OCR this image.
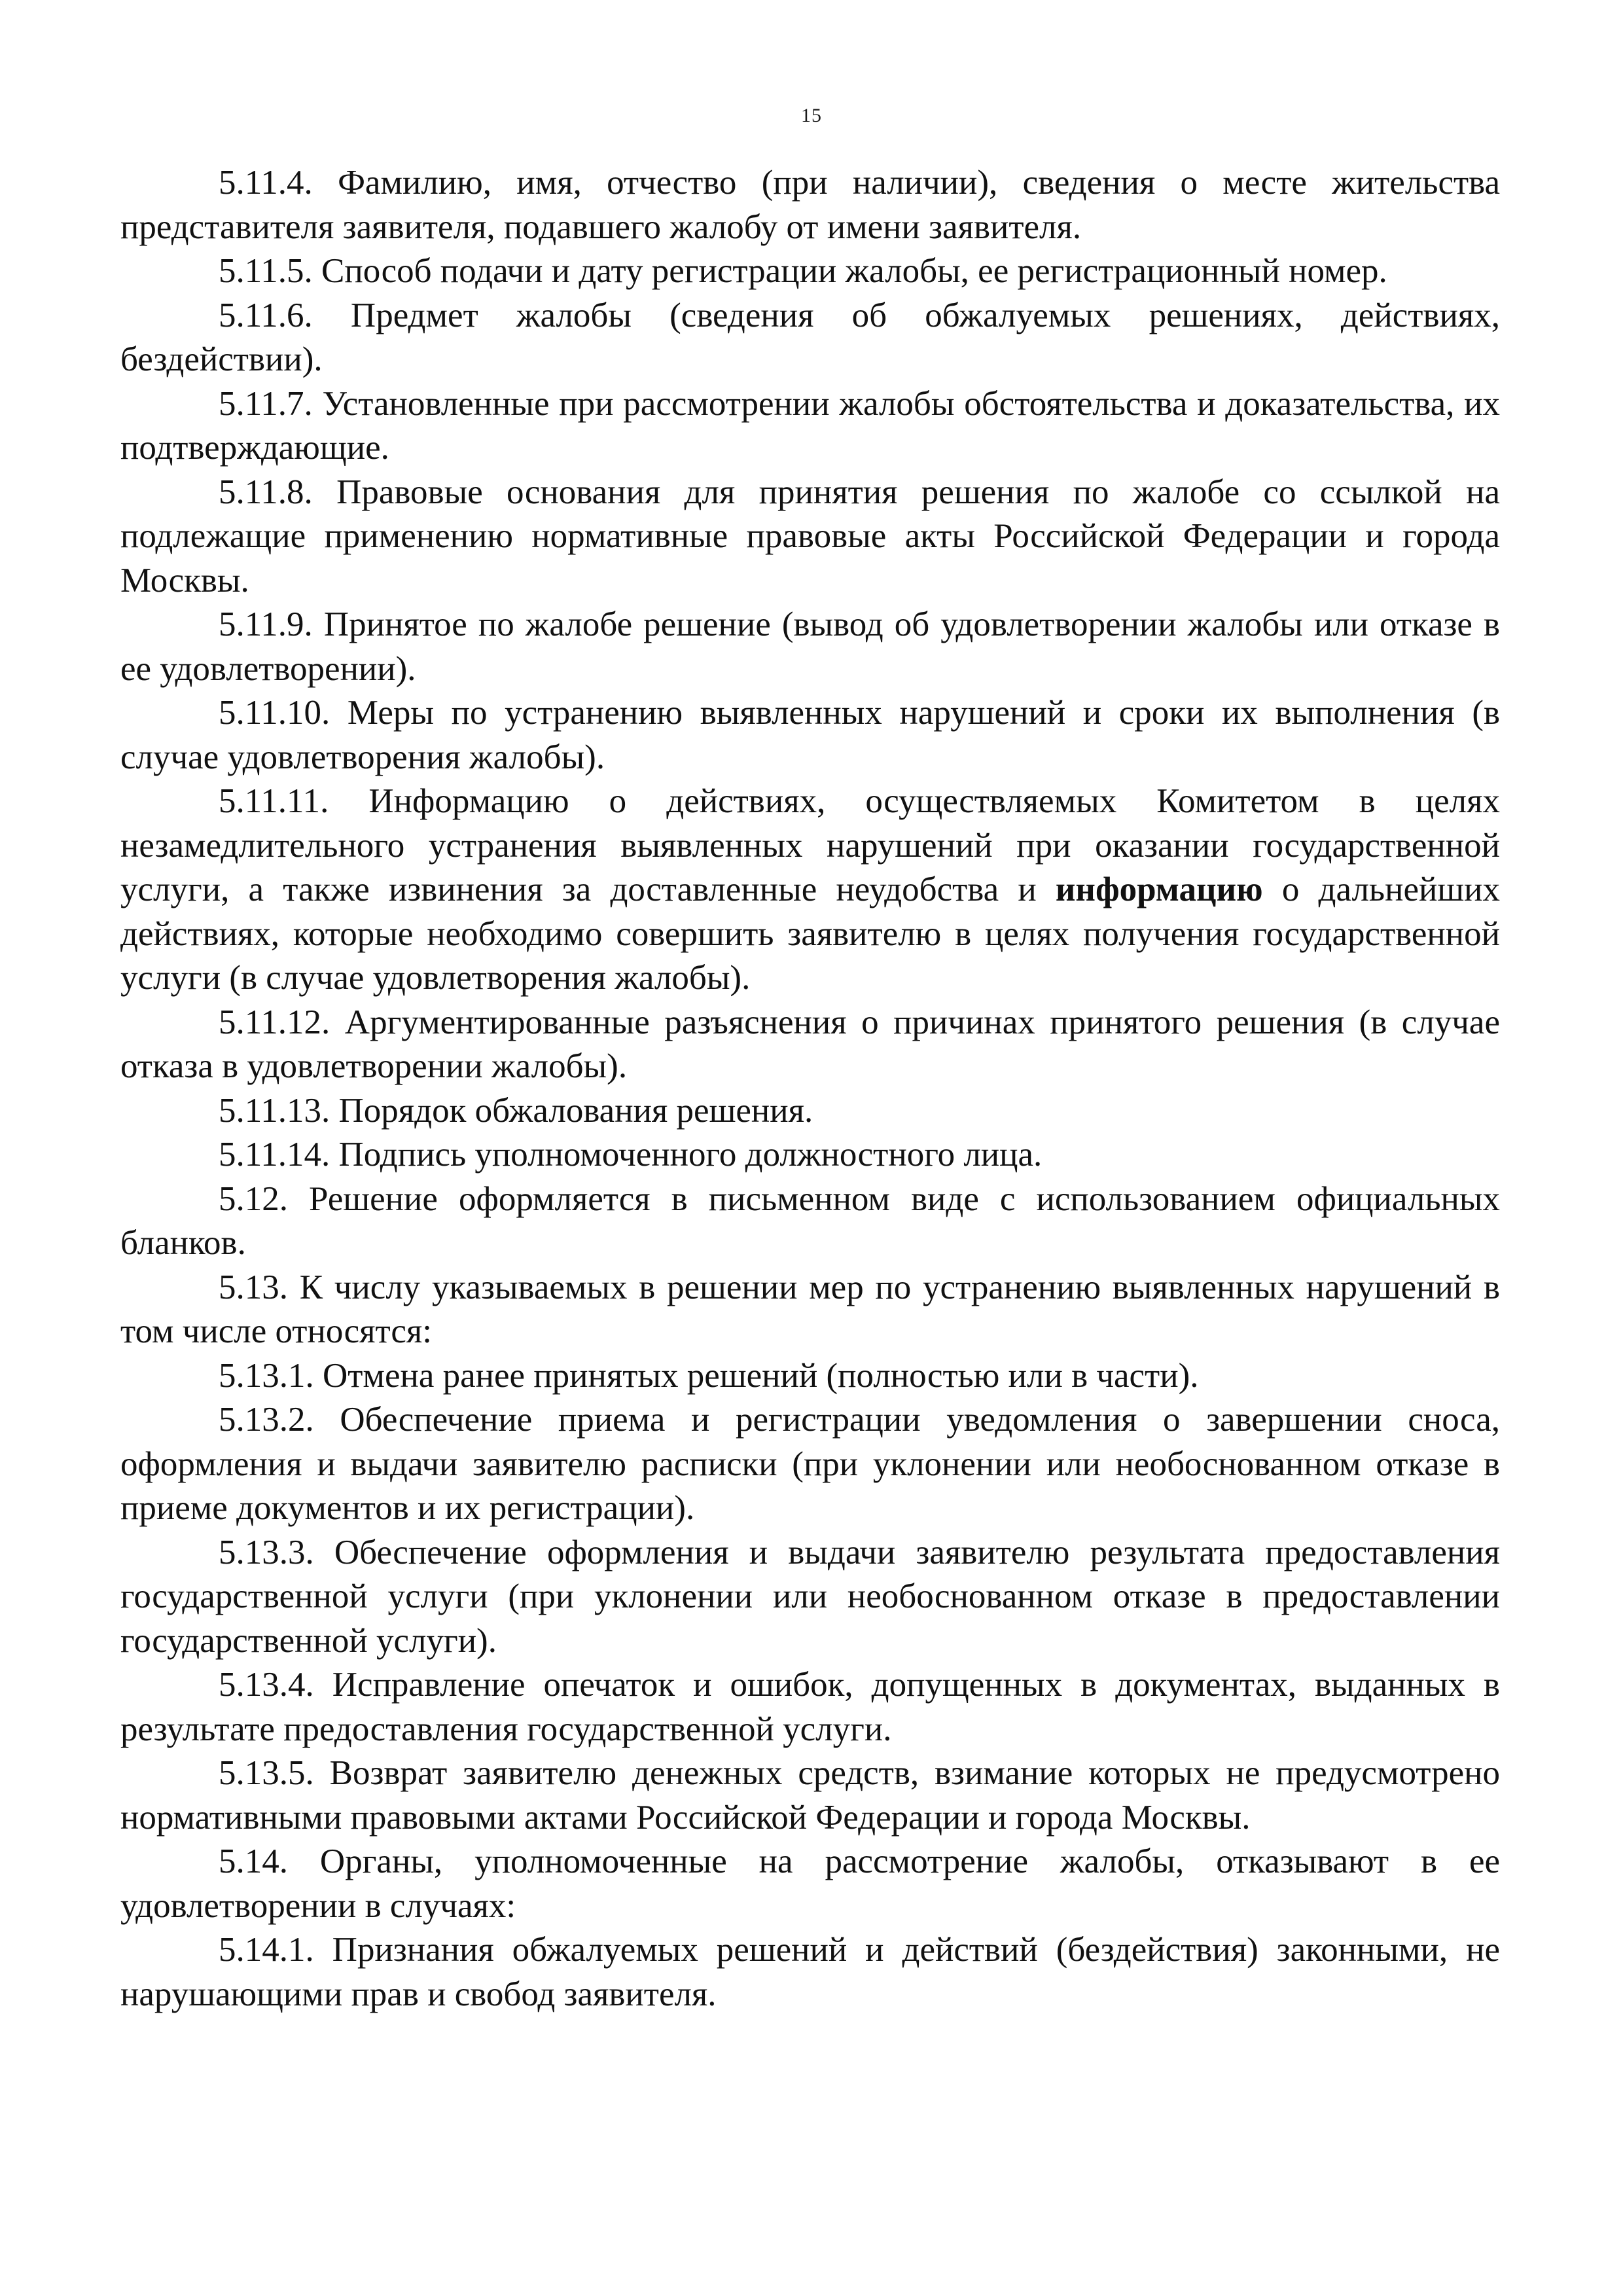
15

5.11.4. Фамилию, имя, отчество (при наличии), сведения о месте жительства представителя заявителя, подавшего жалобу от имени заявителя.

5.11.5. Способ подачи и дату регистрации жалобы, ее регистрационный номер.

5.11.6. Предмет жалобы (сведения об обжалуемых решениях, действиях, бездействии).

5.11.7. Установленные при рассмотрении жалобы обстоятельства и доказательства, их подтверждающие.

5.11.8. Правовые основания для принятия решения по жалобе со ссылкой на подлежащие применению нормативные правовые акты Российской Федерации и города Москвы.

5.11.9. Принятое по жалобе решение (вывод об удовлетворении жалобы или отказе в ее удовлетворении).

5.11.10. Меры по устранению выявленных нарушений и сроки их выполнения (в случае удовлетворения жалобы).

5.11.11. Информацию о действиях, осуществляемых Комитетом в целях незамедлительного устранения выявленных нарушений при оказании государственной услуги, а также извинения за доставленные неудобства и информацию о дальнейших действиях, которые необходимо совершить заявителю в целях получения государственной услуги (в случае удовлетворения жалобы).

5.11.12. Аргументированные разъяснения о причинах принятого решения (в случае отказа в удовлетворении жалобы).

5.11.13. Порядок обжалования решения.

5.11.14. Подпись уполномоченного должностного лица.

5.12. Решение оформляется в письменном виде с использованием официальных бланков.

5.13. К числу указываемых в решении мер по устранению выявленных нарушений в том числе относятся:

5.13.1. Отмена ранее принятых решений (полностью или в части).

5.13.2. Обеспечение приема и регистрации уведомления о завершении сноса, оформления и выдачи заявителю расписки (при уклонении или необоснованном отказе в приеме документов и их регистрации).

5.13.3. Обеспечение оформления и выдачи заявителю результата предоставления государственной услуги (при уклонении или необоснованном отказе в предоставлении государственной услуги).

5.13.4. Исправление опечаток и ошибок, допущенных в документах, выданных в результате предоставления государственной услуги.

5.13.5. Возврат заявителю денежных средств, взимание которых не предусмотрено нормативными правовыми актами Российской Федерации и города Москвы.

5.14. Органы, уполномоченные на рассмотрение жалобы, отказывают в ее удовлетворении в случаях:

5.14.1. Признания обжалуемых решений и действий (бездействия) законными, не нарушающими прав и свобод заявителя.
